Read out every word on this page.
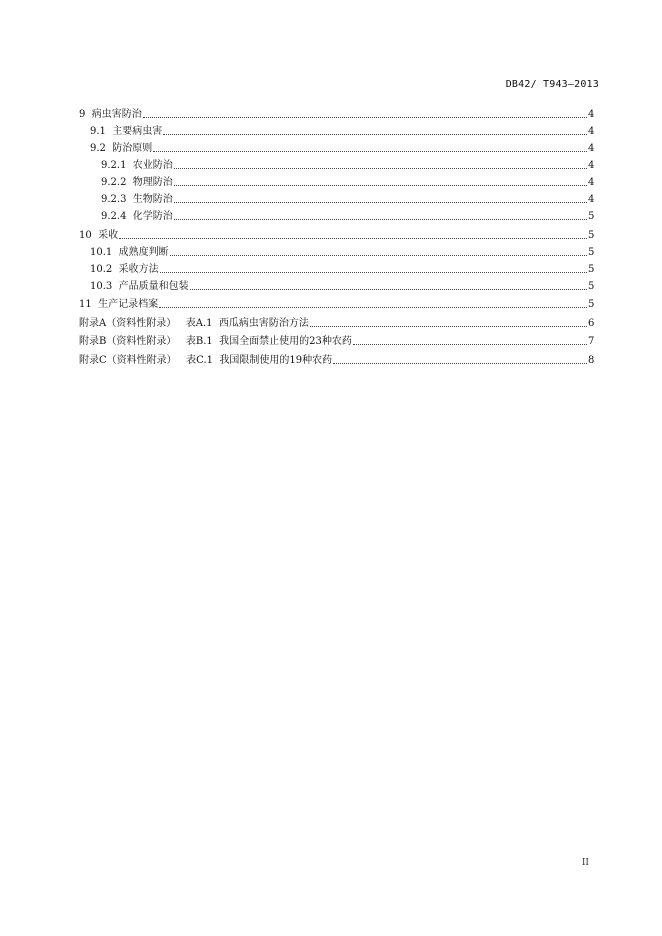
DB42/ T943—2013
9  病虫害防治	4
9.1  主要病虫害	4
9.2  防治原则	4
9.2.1  农业防治	4
9.2.2  物理防治	4
9.2.3  生物防治	4
9.2.4  化学防治	5
10  采收	5
10.1  成熟度判断	5
10.2  采收方法	5
10.3  产品质量和包装	5
11  生产记录档案	5
附录A（资料性附录）   表A.1  西瓜病虫害防治方法	6
附录B（资料性附录）   表B.1  我国全面禁止使用的23种农药	7
附录C（资料性附录）   表C.1  我国限制使用的19种农药	8
II
